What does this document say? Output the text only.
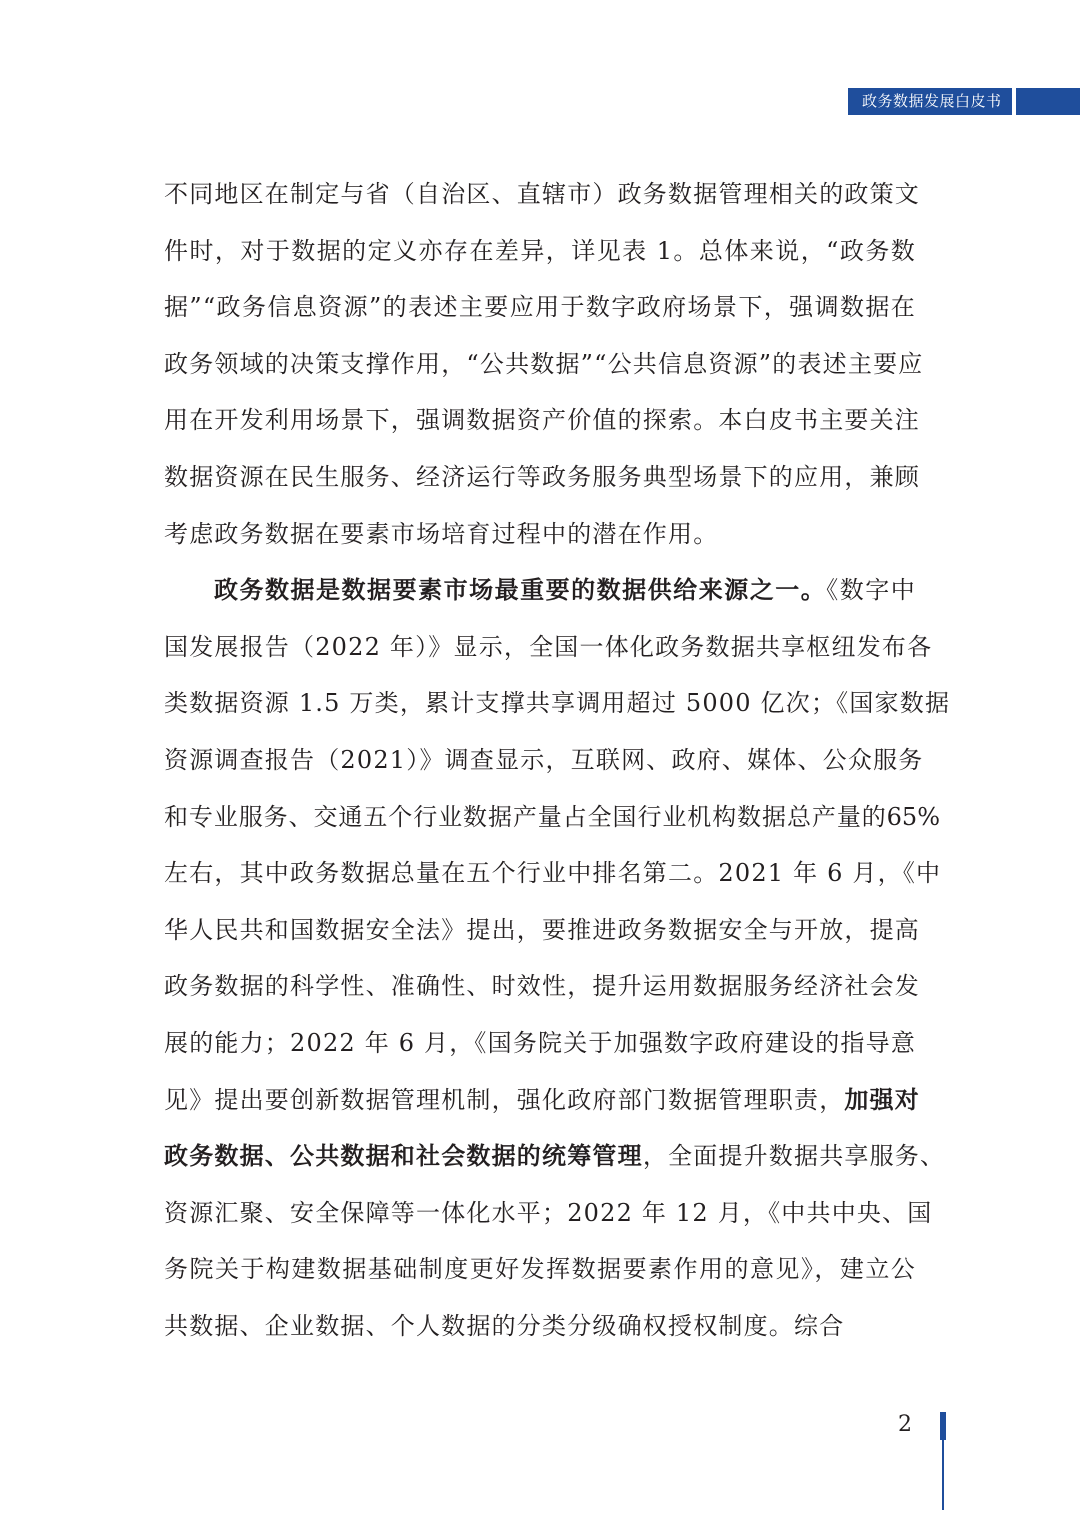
政务数据发展白皮书

不同地区在制定与省（自治区、直辖市）政务数据管理相关的政策文
件时，对于数据的定义亦存在差异，详见表 1。总体来说，“政务数
据”“政务信息资源”的表述主要应用于数字政府场景下，强调数据在
政务领域的决策支撑作用，“公共数据”“公共信息资源”的表述主要应
用在开发利用场景下，强调数据资产价值的探索。本白皮书主要关注
数据资源在民生服务、经济运行等政务服务典型场景下的应用，兼顾
考虑政务数据在要素市场培育过程中的潜在作用。

政务数据是数据要素市场最重要的数据供给来源之一。《数字中
国发展报告（2022 年）》显示，全国一体化政务数据共享枢纽发布各
类数据资源 1.5 万类，累计支撑共享调用超过 5000 亿次；《国家数据
资源调查报告（2021）》调查显示，互联网、政府、媒体、公众服务
和专业服务、交通五个行业数据产量占全国行业机构数据总产量的65%
左右，其中政务数据总量在五个行业中排名第二。2021 年 6 月，《中
华人民共和国数据安全法》提出，要推进政务数据安全与开放，提高
政务数据的科学性、准确性、时效性，提升运用数据服务经济社会发
展的能力；2022 年 6 月，《国务院关于加强数字政府建设的指导意
见》提出要创新数据管理机制，强化政府部门数据管理职责，加强对
政务数据、公共数据和社会数据的统筹管理，全面提升数据共享服务、
资源汇聚、安全保障等一体化水平；2022 年 12 月，《中共中央、国
务院关于构建数据基础制度更好发挥数据要素作用的意见》，建立公
共数据、企业数据、个人数据的分类分级确权授权制度。综合

2
